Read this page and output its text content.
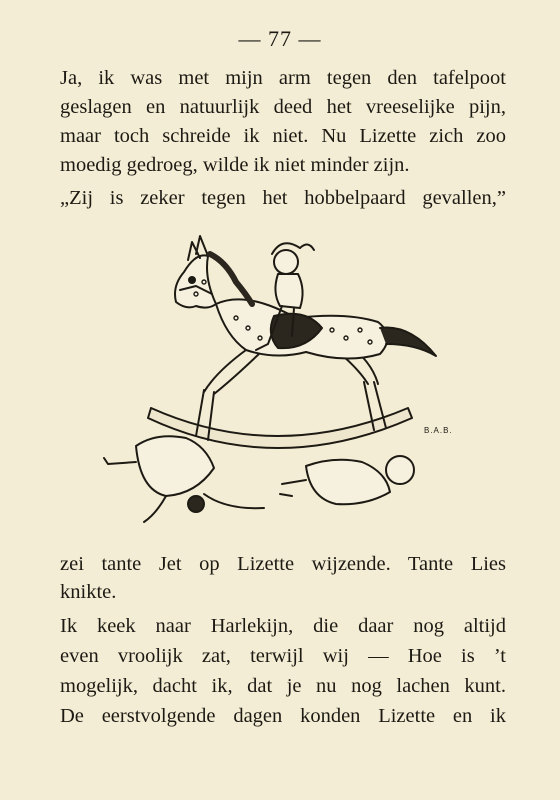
— 77 —
Ja, ik was met mijn arm tegen den tafelpoot
geslagen en natuurlijk deed het vreeselijke pijn,
maar toch schreide ik niet. Nu Lizette zich zoo
moedig gedroeg, wilde ik niet minder zijn.
„Zij is zeker tegen het hobbelpaard gevallen,”
B.A.B.
zei tante Jet op Lizette wijzende. Tante Lies
knikte.
Ik keek naar Harlekijn, die daar nog altijd
even vroolijk zat, terwijl wij — Hoe is ’t
mogelijk, dacht ik, dat je nu nog lachen kunt.
De eerstvolgende dagen konden Lizette en ik
